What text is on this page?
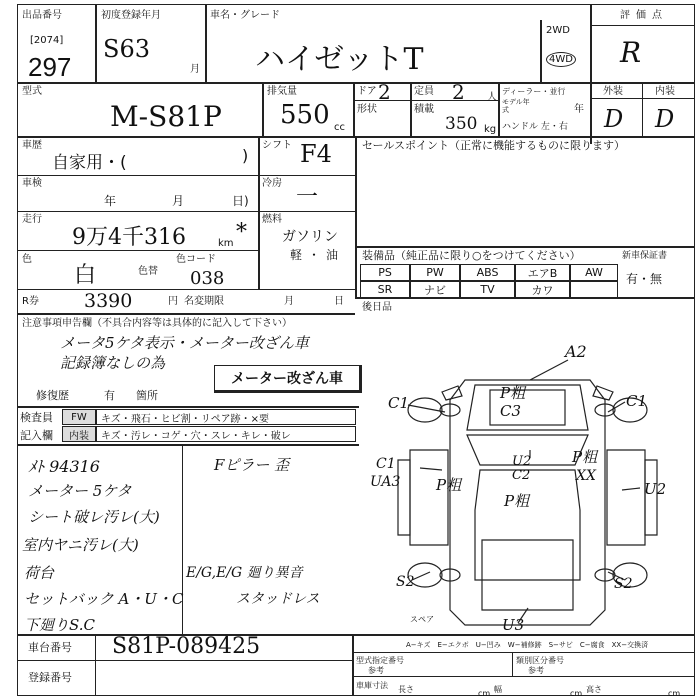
出品番号
[2074]
297
初度登録年月
S63
月
車名・グレード
ハイゼットT
2WD
4WD
評価点
R
型式
M-S81P
排気量
550 cc
ドア 2 定員 2 人
形状	積載
350 kg
ディーラー・並行
モデル年式	年
ハンドル 左・右
外装	内装
D D
車歴
自家用・(	)
シフト F4	セールスポイント（正常に機能するものに限ります）
車検
年	月	日)
冷房
一
走行
9万4千316	km *
燃料
ガソリン
軽・油
色
白	色替
色コード
038
R券 3390	円 名変期限	月	日
装備品（純正品に限り○をつけてください）	新車保証書
有・無
PS	PW	ABS	エアB	AW
SR	ナビ	TV	カワ
後日品
注意事項申告欄（不具合内容等は具体的に記入して下さい）
メータ5ケタ表示・メーター改ざん車
記録簿なしの為
修復歴	有 箇所
メーター改ざん車
検査員
記入欄
FW	キズ・飛石・ヒビ割・リペア跡・×要
内装	キズ・汚レ・コゲ・穴・スレ・キレ・破レ
ﾒﾄ 94316
メーター 5ケタ
シート破レ汚レ(大)
室内ヤニ汚レ(大)
荷台
セットバック A・U・C
下廻りS.C
Fピラー 歪
E/G,E/G 廻り異音
スタッドレス
A2
C1	C1
P粗
C3
C1
UA3 P粗
U2
C2
P粗
P粗
XX
U2
S2	S2
U3
スペア
車台番号 S81P-089425
登録番号
A−キズ　E−エクボ　U−凹み　W−補修跡　S−サビ　C−腐食　XX−交換済
型式指定番号
参考
類別区分番号
参考
車庫寸法 長さ	cm 幅	cm 高さ	cm
